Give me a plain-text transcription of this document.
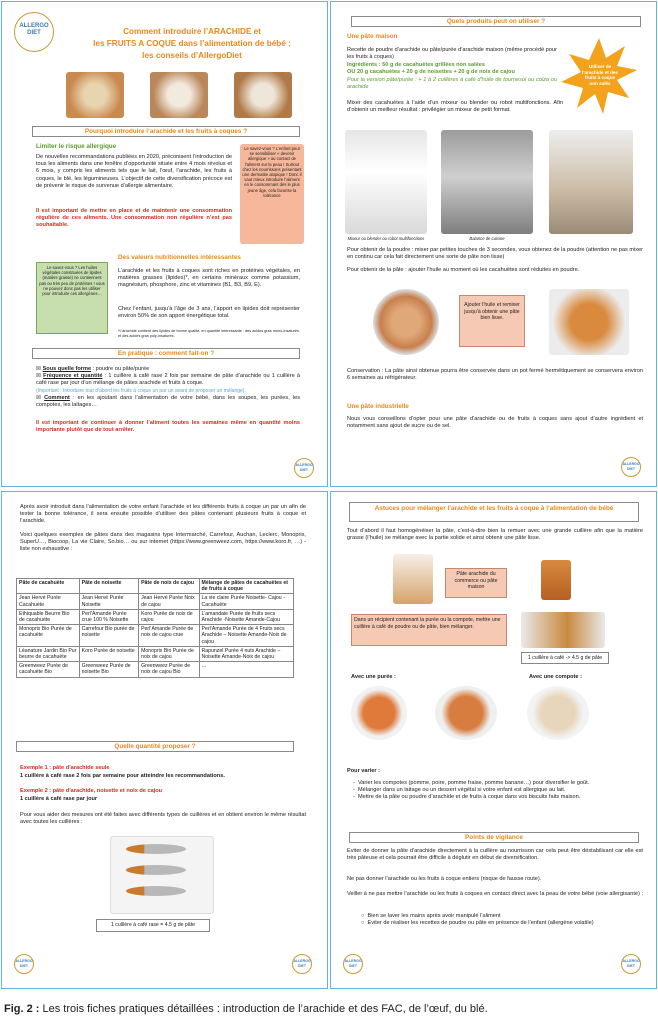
ALLERGO DIET	Comment introduire l’ARACHIDE et
les FRUITS A COQUE dans l’alimentation de bébé :
les conseils d’AllergoDiet
Pourquoi introduire l’arachide et les fruits à coques ?
Limiter le risque allergique
De nouvelles recommandations publiées en 2020, préconisent l’introduction de tous les aliments dans une fenêtre d’opportunité située entre 4 mois révolus et 6 mois, y compris les aliments tels que le lait, l’œuf, l’arachide, les fruits à coques, le blé, les légumineuses. L’objectif de cette diversification précoce est de prévenir le risque de survenue d’allergie alimentaire.
Il est important de mettre en place et de maintenir une consommation régulière de ces aliments. Une consommation non régulière n’est pas souhaitable.
Le savez-vous ? L’enfant peut se sensibiliser « devenir allergique » au contact de l’aliment sur la peau ! Surtout chez les nourrissons présentant une dermatite atopique ! Donc il vaut mieux introduire l’aliment en le consommant dès le plus jeune âge, cela favorise la tolérance
Des valeurs nutritionnelles intéressantes
Le savez-vous ? Les huiles végétales constituées de lipides (matière grasse) ne contiennent pas ou très peu de protéines ! vous ne pouvez donc pas les utiliser pour introduire ces allergènes…
L’arachide et les fruits à coques sont riches en protéines végétales, en matières grasses (lipides)*, en certains minéraux comme potassium, magnésium, phosphore, zinc et vitamines (B1, B3, B9, E).
Chez l’enfant, jusqu’à l’âge de 3 ans, l’apport en lipides doit représenter environ 50% de son apport énergétique total.
*L’arachide contient des lipides de bonne qualité, en quantité intéressante : des acides gras mono-insaturés et des acides gras poly-insaturés.
En pratique : comment fait-on ?
☒ Sous quelle forme : poudre ou pâte/purée
☒ Fréquence et quantité : 1 cuillère à café rase 2 fois par semaine de pâte d’arachide ou 1 cuillère à café rase par jour d’un mélange de pâtes arachide et fruits à coque.
(Important : Introduire tout d’abord les fruits à coque un par un avant de proposer un mélange).
☒ Comment : en les ajoutant dans l’alimentation de votre bébé, dans les soupes, les purées, les compotes, les laitages…
Il est important de continuer à donner l’aliment toutes les semaines même en quantité moins importante plutôt que de tout arrêter.
ALLERGO DIET
Quels produits peut on utiliser ?
Une pâte maison
Recette de poudre d’arachide ou pâte/purée d’arachide maison (même procédé pour les fruits à coques)
Ingrédients : 50 g de cacahuètes grillées non salées
OU 20 g cacahuètes + 20 g de noisettes + 20 g de noix de cajou
Pour la version pâte/purée : + 1 à 2 cuillères à café d’huile de tournesol ou colza ou arachide
Utiliser de l’arachide et des fruits à coque non salés
Mixer des cacahuètes à l’aide d’un mixeur ou blender ou robot multifonctions. Afin d’obtenir un meilleur résultat : privilégier un mixeur de petit format.
Mixeur ou blender ou robot multifonctions	Balance de cuisine
Pour obtenir de la poudre : mixer par petites touches de 3 secondes, vous obtenez de la poudre (attention ne pas mixer en continu car cela fait directement une sorte de pâte non lisse)
Pour obtenir de la pâte : ajouter l’huile au moment où les cacahuètes sont réduites en poudre.
Ajouter l’huile et remixer jusqu’à obtenir une pâte bien lisse.
Conservation : La pâte ainsi obtenue pourra être conservée dans un pot fermé hermétiquement se conservera environ 6 semaines au réfrigérateur.
Une pâte industrielle
Nous vous conseillons d’opter pour une pâte d’arachide ou de fruits à coques sans ajout d’autre ingrédient et notamment sans ajout de sucre ou de sel.
ALLERGO DIET
Après avoir introduit dans l’alimentation de votre enfant l’arachide et les différents fruits à coque un par un afin de tester la bonne tolérance, il sera ensuite possible d’utiliser des pâtes contenant plusieurs fruits à coque et l’arachide.
Voici quelques exemples de pâtes dans des magasins type Intermarché, Carrefour, Auchan, Leclerc, Monoprix, SuperU…, Biocoop, La vie Claire, So.bio… ou sur internet (https://www.greenweez.com, https://www.koro.fr, …) - liste non exhaustive :
Pâte de cacahuète	Pâte de noisette	Pâte de noix de cajou	Mélange de pâtes de cacahuètes et de fruits à coque
Jean Hervé Purée Cacahuète	Jean Hervé Purée Noisette	Jean Hervé Purée Noix de cajou	La vie claire Purée Noisette- Cajou - Cacahuète
Ethiquable Beurre Bio de cacahuète	Perl’Amande Purée crue 100 % Noisette	Koro Purée de noix de cajou	L’amandaie Purée de fruits secs Arachide -Noisette Amande-Cajou
Monoprix Bio Purée de cacahuète	Carrefour Bio purée de noisette	Perl’Amande Purée de noix de cajou crue	Perl’Amande Purée de 4 Fruits secs Arachide – Noisette Amande-Noix de cajou
Léanature Jardin Bio Pur beurre de cacahuète	Koro Purée de noisette	Monoprix Bio Purée de noix de cajou	Rapunzel Purée 4 nuts Arachide – Noisette Amande-Noix de cajou
Greenweez Purée de cacahuète Bio	Greenweez Purée de noisette Bio	Greenweez Purée de noix de cajou Bio	…
Quelle quantité proposer ?
Exemple 1 : pâte d’arachide seule
1 cuillère à café rase 2 fois par semaine pour atteindre les recommandations.
Exemple 2 : pâte d’arachide, noisette et noix de cajou
1 cuillère à café rase par jour
Pour vous aider des mesures ont été faites avec différents types de cuillères et en obtient environ le même résultat avec toutes les cuillères :
1 cuillère à café rase = 4.5 g de pâte
ALLERGO DIET
ALLERGO DIET
Astuces pour mélanger l’arachide et les fruits à coque à l’alimentation de bébé
Tout d’abord il faut homogénéiser la pâte, c’est-à-dire bien la remuer avec une grande cuillère afin que la matière grasse (l’huile) se mélange avec la partie solide et ainsi obtenir une pâte lisse.
Pâte arachide du commerce ou pâte maison
Dans un récipient contenant la purée ou la compote, mettre une cuillère à café de poudre ou de pâte, bien mélanger.
1 cuillère à café -> 4.5 g de pâte
Avec une purée :	Avec une compote :
Pour varier :
-  Varier les compotes (pomme, poire, pomme fraise, pomme banane…) pour diversifier le goût.
-  Mélanger dans un laitage ou un dessert végétal si votre enfant est allergique au lait.
-  Mettre de la pâte ou poudre d’arachide et de fruits à coque dans vos biscuits faits maison.
Points de vigilance
Eviter de donner la pâte d’arachide directement à la cuillère au nourrisson car cela peut être déstabilisant car elle est très pâteuse et cela pourrait être difficile à déglutir en début de diversification.
Ne pas donner l’arachide ou les fruits à coque entiers (risque de fausse route).
Veiller à ne pas mettre l’arachide ou les fruits à coques en contact direct avec la peau de votre bébé (voie allergisante) :
○  Bien se laver les mains après avoir manipulé l’aliment
○  Eviter de réaliser les recettes de poudre ou pâte en présence de l’enfant (allergène volatile)
ALLERGO DIET
ALLERGO DIET
Fig. 2 : Les trois fiches pratiques détaillées : introduction de l’arachide et des FAC, de l’œuf, du blé.
